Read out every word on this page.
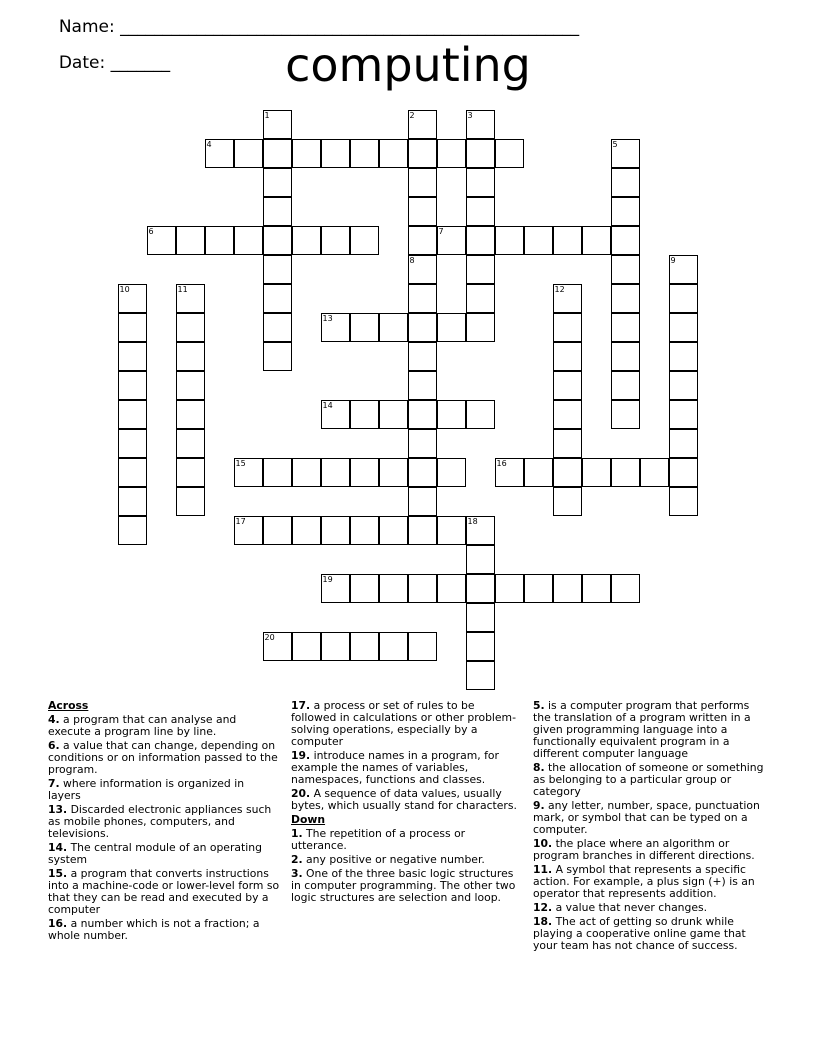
Name: ______________________________________________________

Date: _______	computing
1	2	3
4	5
6	7
8	9
10	11	12
13
14
15	16
17	18
19
20
Across
4. a program that can analyse and execute a program line by line.
6. a value that can change, depending on conditions or on information passed to the program.
7. where information is organized in layers
13. Discarded electronic appliances such as mobile phones, computers, and televisions.
14. The central module of an operating system
15. a program that converts instructions into a machine-code or lower-level form so that they can be read and executed by a computer
16. a number which is not a fraction; a whole number.
17. a process or set of rules to be followed in calculations or other problem-solving operations, especially by a computer
19. introduce names in a program, for example the names of variables, namespaces, functions and classes.
20. A sequence of data values, usually bytes, which usually stand for characters.
Down
1. The repetition of a process or utterance.
2. any positive or negative number.
3. One of the three basic logic structures in computer programming. The other two logic structures are selection and loop.
5. is a computer program that performs the translation of a program written in a given programming language into a functionally equivalent program in a different computer language
8. the allocation of someone or something as belonging to a particular group or category
9. any letter, number, space, punctuation mark, or symbol that can be typed on a computer.
10. the place where an algorithm or program branches in different directions.
11. A symbol that represents a specific action. For example, a plus sign (+) is an operator that represents addition.
12. a value that never changes.
18. The act of getting so drunk while playing a cooperative online game that your team has not chance of success.
